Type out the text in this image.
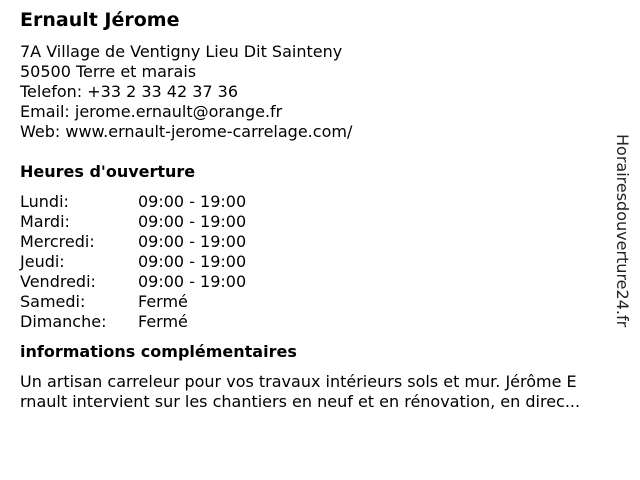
Ernault Jérome
7A Village de Ventigny Lieu Dit Sainteny
50500 Terre et marais
Telefon: +33 2 33 42 37 36
Email: jerome.ernault@orange.fr
Web: www.ernault-jerome-carrelage.com/
Heures d'ouverture
Lundi:	09:00 - 19:00
Mardi:	09:00 - 19:00
Mercredi:	09:00 - 19:00
Jeudi:	09:00 - 19:00
Vendredi:	09:00 - 19:00
Samedi:	Fermé
Dimanche:	Fermé
informations complémentaires
Un artisan carreleur pour vos travaux intérieurs sols et mur. Jérôme E
rnault intervient sur les chantiers en neuf et en rénovation, en direc...
Horairesdouverture24.fr
